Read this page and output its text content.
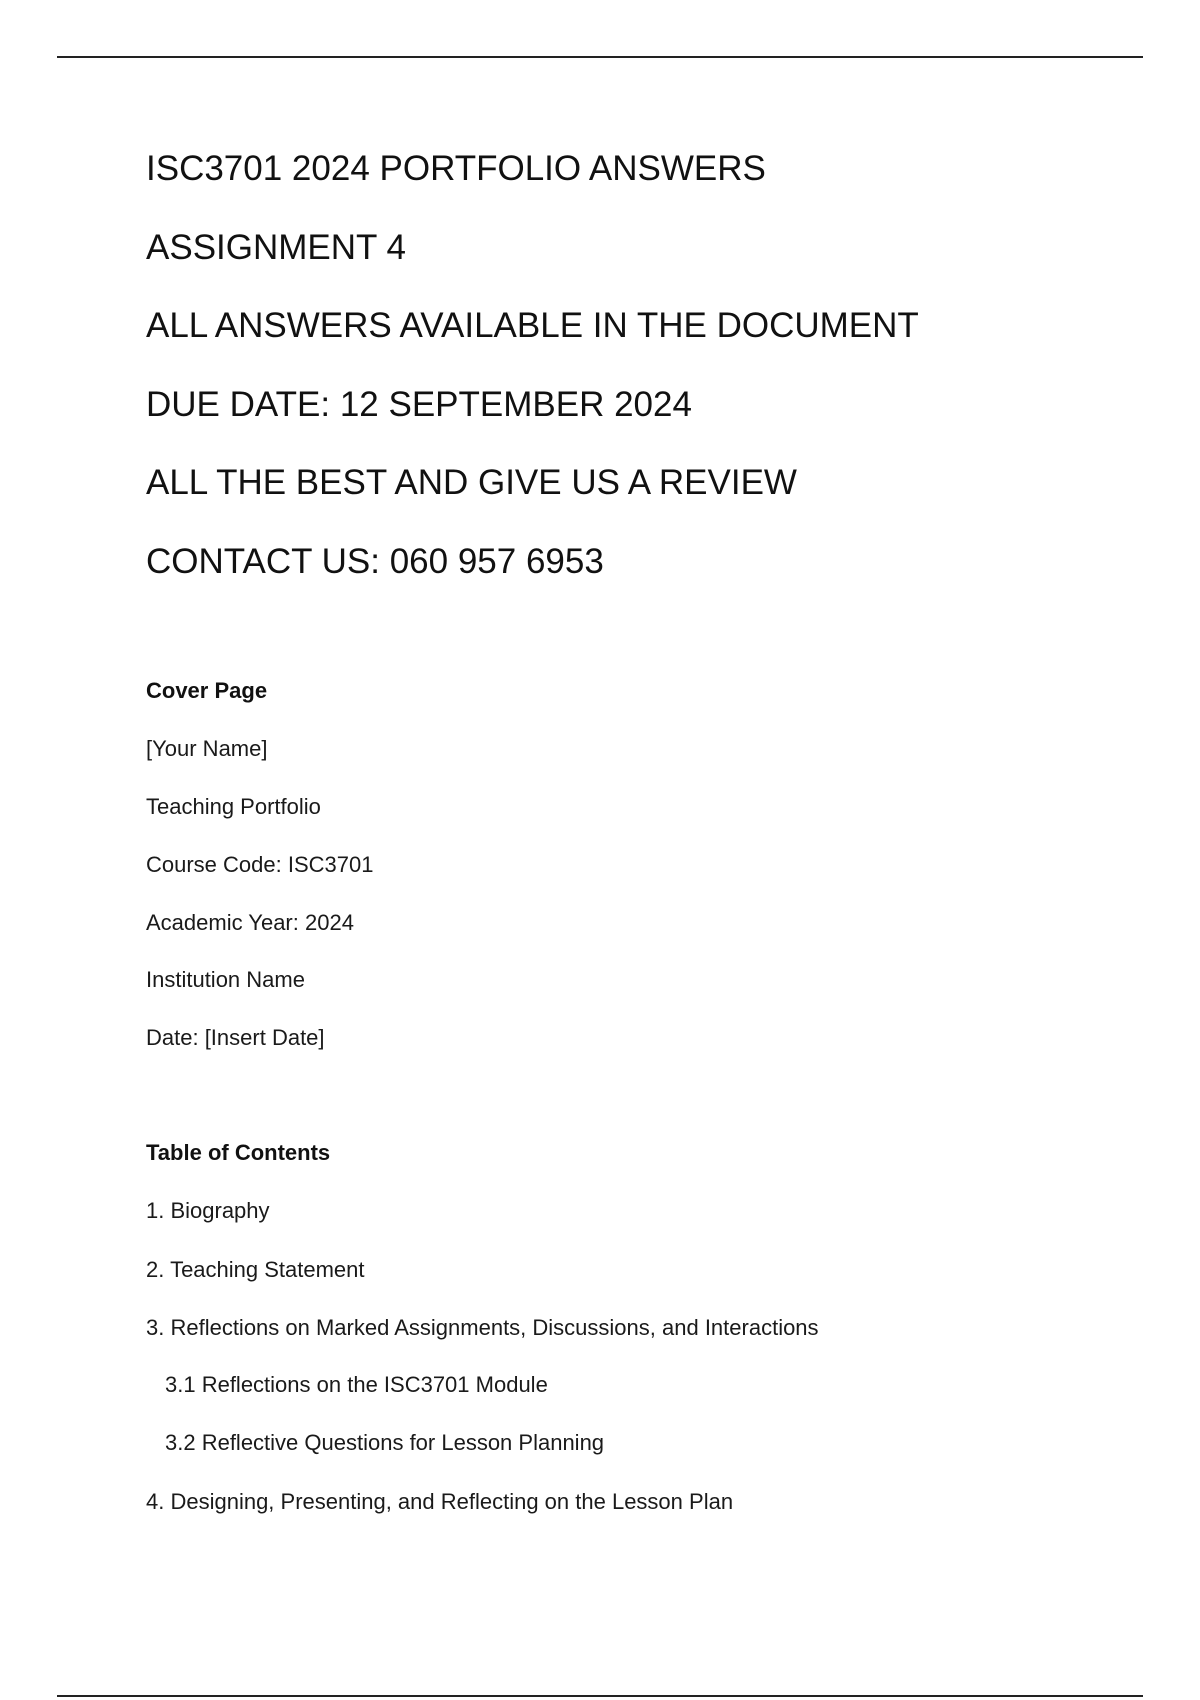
ISC3701 2024 PORTFOLIO ANSWERS

ASSIGNMENT 4

ALL ANSWERS AVAILABLE IN THE DOCUMENT

DUE DATE: 12 SEPTEMBER 2024

ALL THE BEST AND GIVE US A REVIEW

CONTACT US: 060 957 6953

Cover Page

[Your Name]

Teaching Portfolio

Course Code: ISC3701

Academic Year: 2024

Institution Name

Date: [Insert Date]

Table of Contents

1. Biography

2. Teaching Statement

3. Reflections on Marked Assignments, Discussions, and Interactions

3.1 Reflections on the ISC3701 Module

3.2 Reflective Questions for Lesson Planning

4. Designing, Presenting, and Reflecting on the Lesson Plan
